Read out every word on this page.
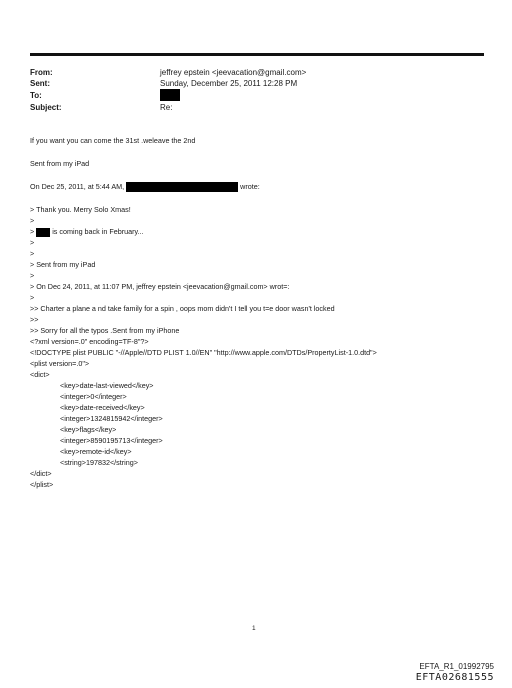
From:	jeffrey epstein <jeevacation@gmail.com>
Sent:	Sunday, December 25, 2011 12:28 PM
To:
Subject:	Re:
If you want you can come the 31st .weleave the 2nd
Sent from my iPad
On Dec 25, 2011, at 5:44 AM,	wrote:
> Thank you. Merry Solo Xmas!
>
>	is coming back in February...
>
>
> Sent from my iPad
>
> On Dec 24, 2011, at 11:07 PM, jeffrey epstein <jeevacation@gmail.com> wrot=:
>
>> Charter a plane a nd take family for a spin , oops mom didn't I tell you t=e door wasn't locked
>>
>> Sorry for all the typos .Sent from my iPhone
<?xml version=.0" encoding=TF-8"?>
<!DOCTYPE plist PUBLIC "-//Apple//DTD PLIST 1.0//EN" "http://www.apple.com/DTDs/PropertyList-1.0.dtd">
<plist version=.0">
<dict>
<key>date-last-viewed</key>
<integer>0</integer>
<key>date-received</key>
<integer>1324815942</integer>
<key>flags</key>
<integer>8590195713</integer>
<key>remote-id</key>
<string>197832</string>
</dict>
</plist>
1
EFTA_R1_01992795
EFTA02681555
